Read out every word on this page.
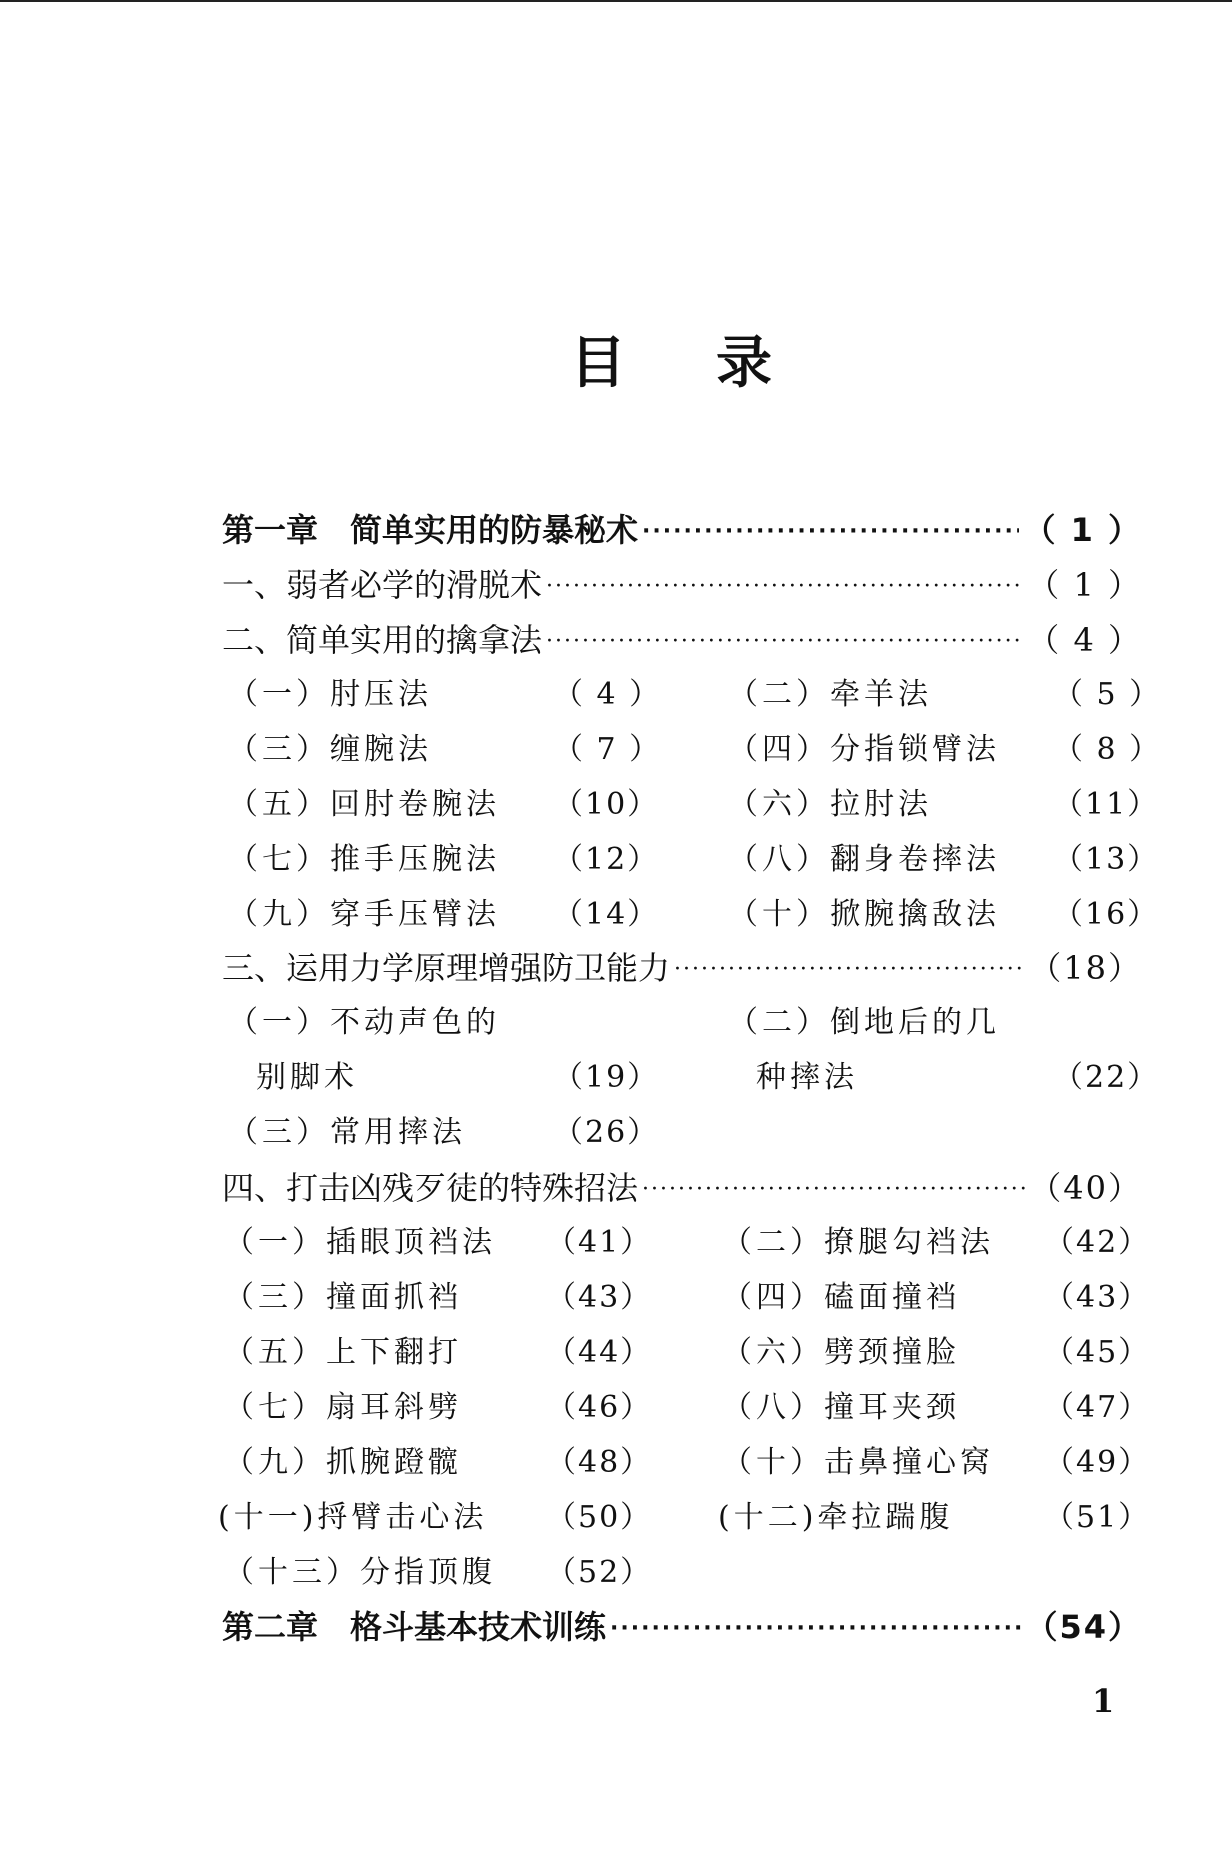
目 录
第一章　简单实用的防暴秘术 ·····	（ 1 ）
一、弱者必学的滑脱术 ·····	（ 1 ）
二、简单实用的擒拿法 ·····	（ 4 ）
（一）肘压法	（ 4 ） （二）牵羊法	（ 5 ）
（三）缠腕法	（ 7 ） （四）分指锁臂法 （ 8 ）
（五）回肘卷腕法 （10） （六）拉肘法	（11）
（七）推手压腕法 （12） （八）翻身卷摔法 （13）
（九）穿手压臂法 （14） （十）掀腕擒敌法 （16）
三、运用力学原理增强防卫能力 ·····	（18）
（一）不动声色的	（二）倒地后的几
别脚术	（19）	种摔法	（22）
（三）常用摔法	（26）
四、打击凶残歹徒的特殊招法 ·····	（40）
（一）插眼顶裆法 （41） （二）撩腿勾裆法 （42）
（三）撞面抓裆	（43） （四）磕面撞裆	（43）
（五）上下翻打	（44） （六）劈颈撞脸	（45）
（七）扇耳斜劈	（46） （八）撞耳夹颈	（47）
（九）抓腕蹬髋	（48） （十）击鼻撞心窝 （49）
(十一)捋臂击心法 （50） (十二)牵拉踹腹	（51）
（十三）分指顶腹 （52）
第二章　格斗基本技术训练 ·····	（54）
1
